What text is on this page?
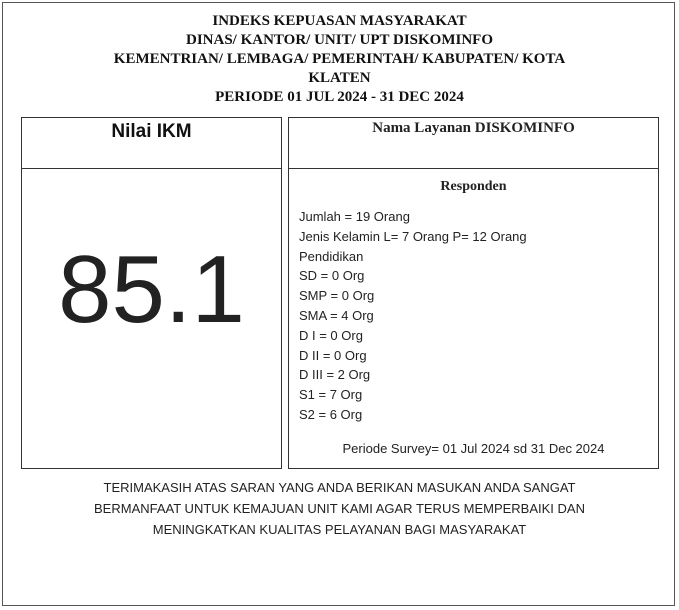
INDEKS KEPUASAN MASYARAKAT
DINAS/ KANTOR/ UNIT/ UPT DISKOMINFO
KEMENTRIAN/ LEMBAGA/ PEMERINTAH/ KABUPATEN/ KOTA
KLATEN
PERIODE 01 JUL 2024 - 31 DEC 2024
Nilai IKM
85.1
Nama Layanan DISKOMINFO
Responden
Jumlah = 19 Orang
Jenis Kelamin L= 7 Orang P= 12 Orang
Pendidikan
SD = 0 Org
SMP = 0 Org
SMA = 4 Org
D I = 0 Org
D II = 0 Org
D III = 2 Org
S1 = 7 Org
S2 = 6 Org
Periode Survey= 01 Jul 2024 sd 31 Dec 2024
TERIMAKASIH ATAS SARAN YANG ANDA BERIKAN MASUKAN ANDA SANGAT
BERMANFAAT UNTUK KEMAJUAN UNIT KAMI AGAR TERUS MEMPERBAIKI DAN
MENINGKATKAN KUALITAS PELAYANAN BAGI MASYARAKAT
